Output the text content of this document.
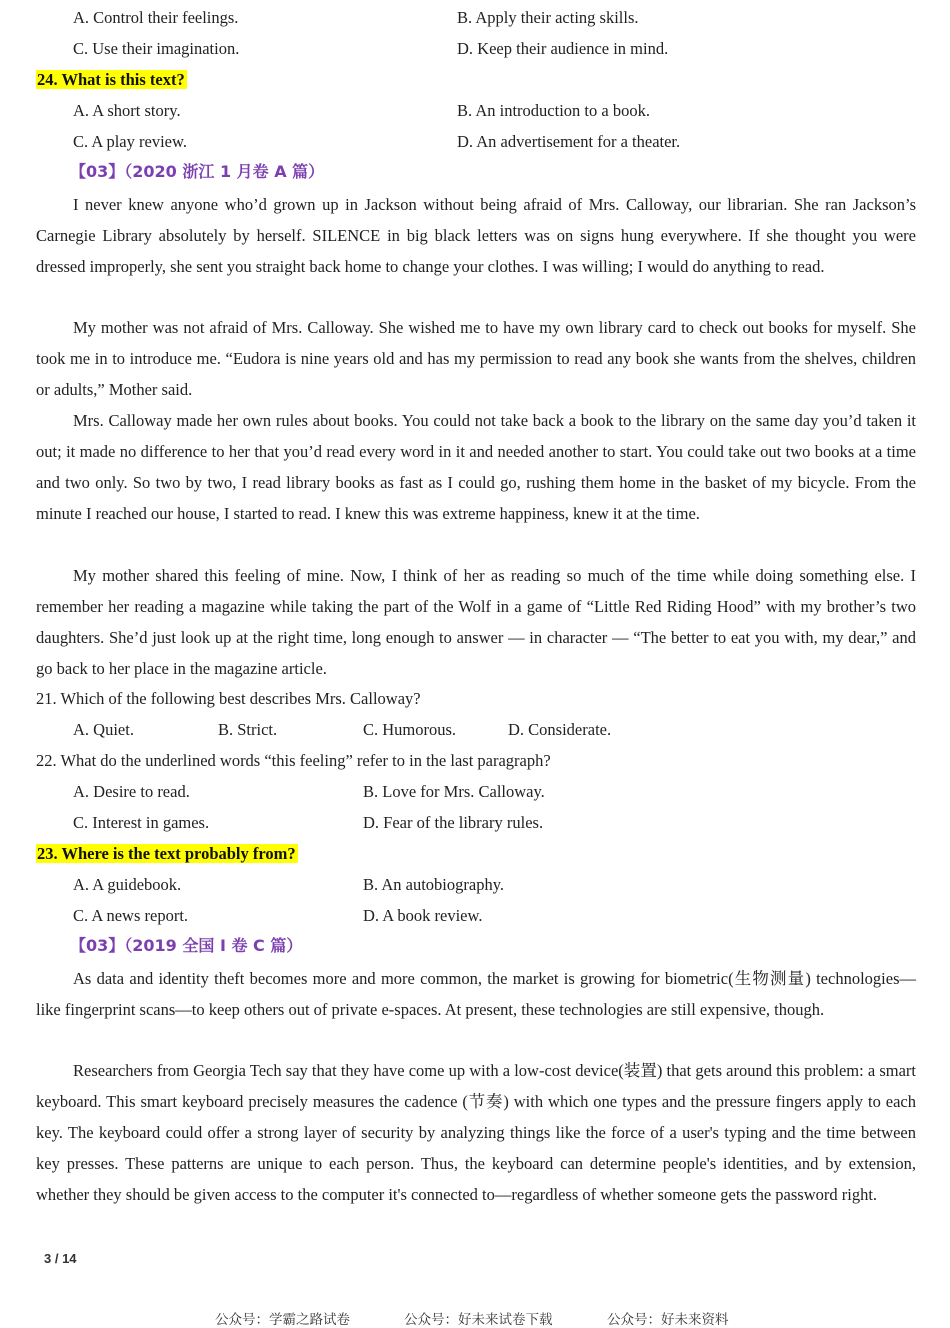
A. Control their feelings.	B. Apply their acting skills.
C. Use their imagination.	D. Keep their audience in mind.
24. What is this text?
A. A short story.	B. An introduction to a book.
C. A play review.	D. An advertisement for a theater.
【03】（2020 浙江 1 月卷 A 篇）

I never knew anyone who’d grown up in Jackson without being afraid of Mrs. Calloway, our librarian. She ran Jackson’s Carnegie Library absolutely by herself. SILENCE in big black letters was on signs hung everywhere. If she thought you were dressed improperly, she sent you straight back home to change your clothes. I was willing; I would do anything to read.

My mother was not afraid of Mrs. Calloway. She wished me to have my own library card to check out books for myself. She took me in to introduce me. “Eudora is nine years old and has my permission to read any book she wants from the shelves, children or adults,” Mother said.

Mrs. Calloway made her own rules about books. You could not take back a book to the library on the same day you’d taken it out; it made no difference to her that you’d read every word in it and needed another to start. You could take out two books at a time and two only. So two by two, I read library books as fast as I could go, rushing them home in the basket of my bicycle. From the minute I reached our house, I started to read. I knew this was extreme happiness, knew it at the time.

My mother shared this feeling of mine. Now, I think of her as reading so much of the time while doing something else. I remember her reading a magazine while taking the part of the Wolf in a game of “Little Red Riding Hood” with my brother’s two daughters. She’d just look up at the right time, long enough to answer — in character — “The better to eat you with, my dear,” and go back to her place in the magazine article.

21. Which of the following best describes Mrs. Calloway?
A. Quiet.	B. Strict.	C. Humorous.	D. Considerate.
22. What do the underlined words “this feeling” refer to in the last paragraph?
A. Desire to read.	B. Love for Mrs. Calloway.
C. Interest in games.	D. Fear of the library rules.
23. Where is the text probably from?
A. A guidebook.	B. An autobiography.
C. A news report.	D. A book review.
【03】（2019 全国 I 卷 C 篇）

As data and identity theft becomes more and more common, the market is growing for biometric(生物测量) technologies—like fingerprint scans—to keep others out of private e-spaces. At present, these technologies are still expensive, though.

Researchers from Georgia Tech say that they have come up with a low-cost device(装置) that gets around this problem: a smart keyboard. This smart keyboard precisely measures the cadence (节奏) with which one types and the pressure fingers apply to each key. The keyboard could offer a strong layer of security by analyzing things like the force of a user's typing and the time between key presses. These patterns are unique to each person. Thus, the keyboard can determine people's identities, and by extension, whether they should be given access to the computer it's connected to—regardless of whether someone gets the password right.

3 / 14
公众号：学霸之路试卷	公众号：好未来试卷下载	公众号：好未来资料
